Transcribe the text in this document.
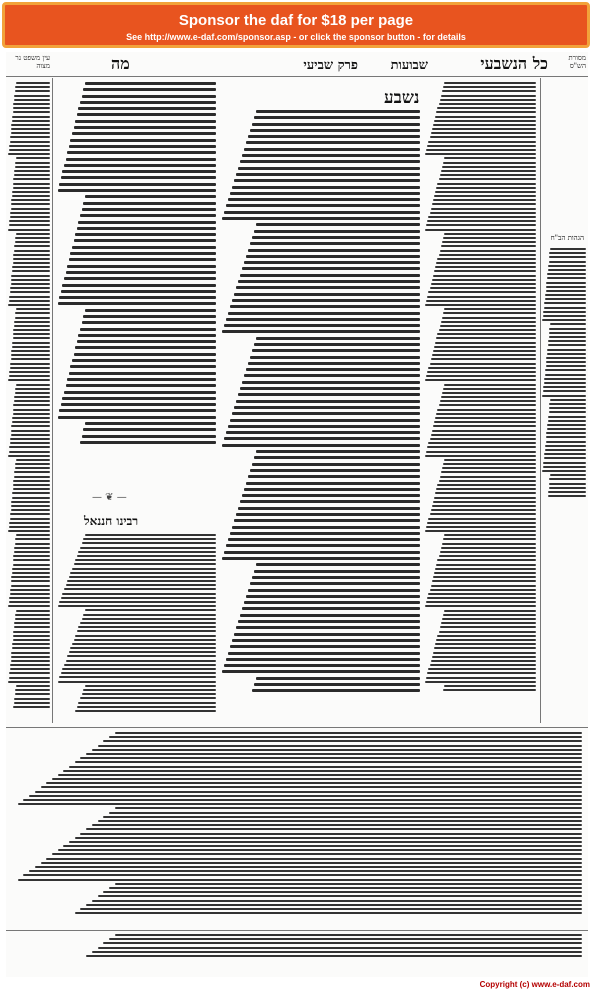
Sponsor the daf for $18 per page
See http://www.e-daf.com/sponsor.asp - or click the sponsor button - for details
כל הנשבעי
פרק שביעי	שבועות
מה
עין משפט נר מצוה
מסורת הש"ס
— ❦ —
רבינו חננאל
נשבע
הגהות הב"ח
Copyright (c) www.e-daf.com
